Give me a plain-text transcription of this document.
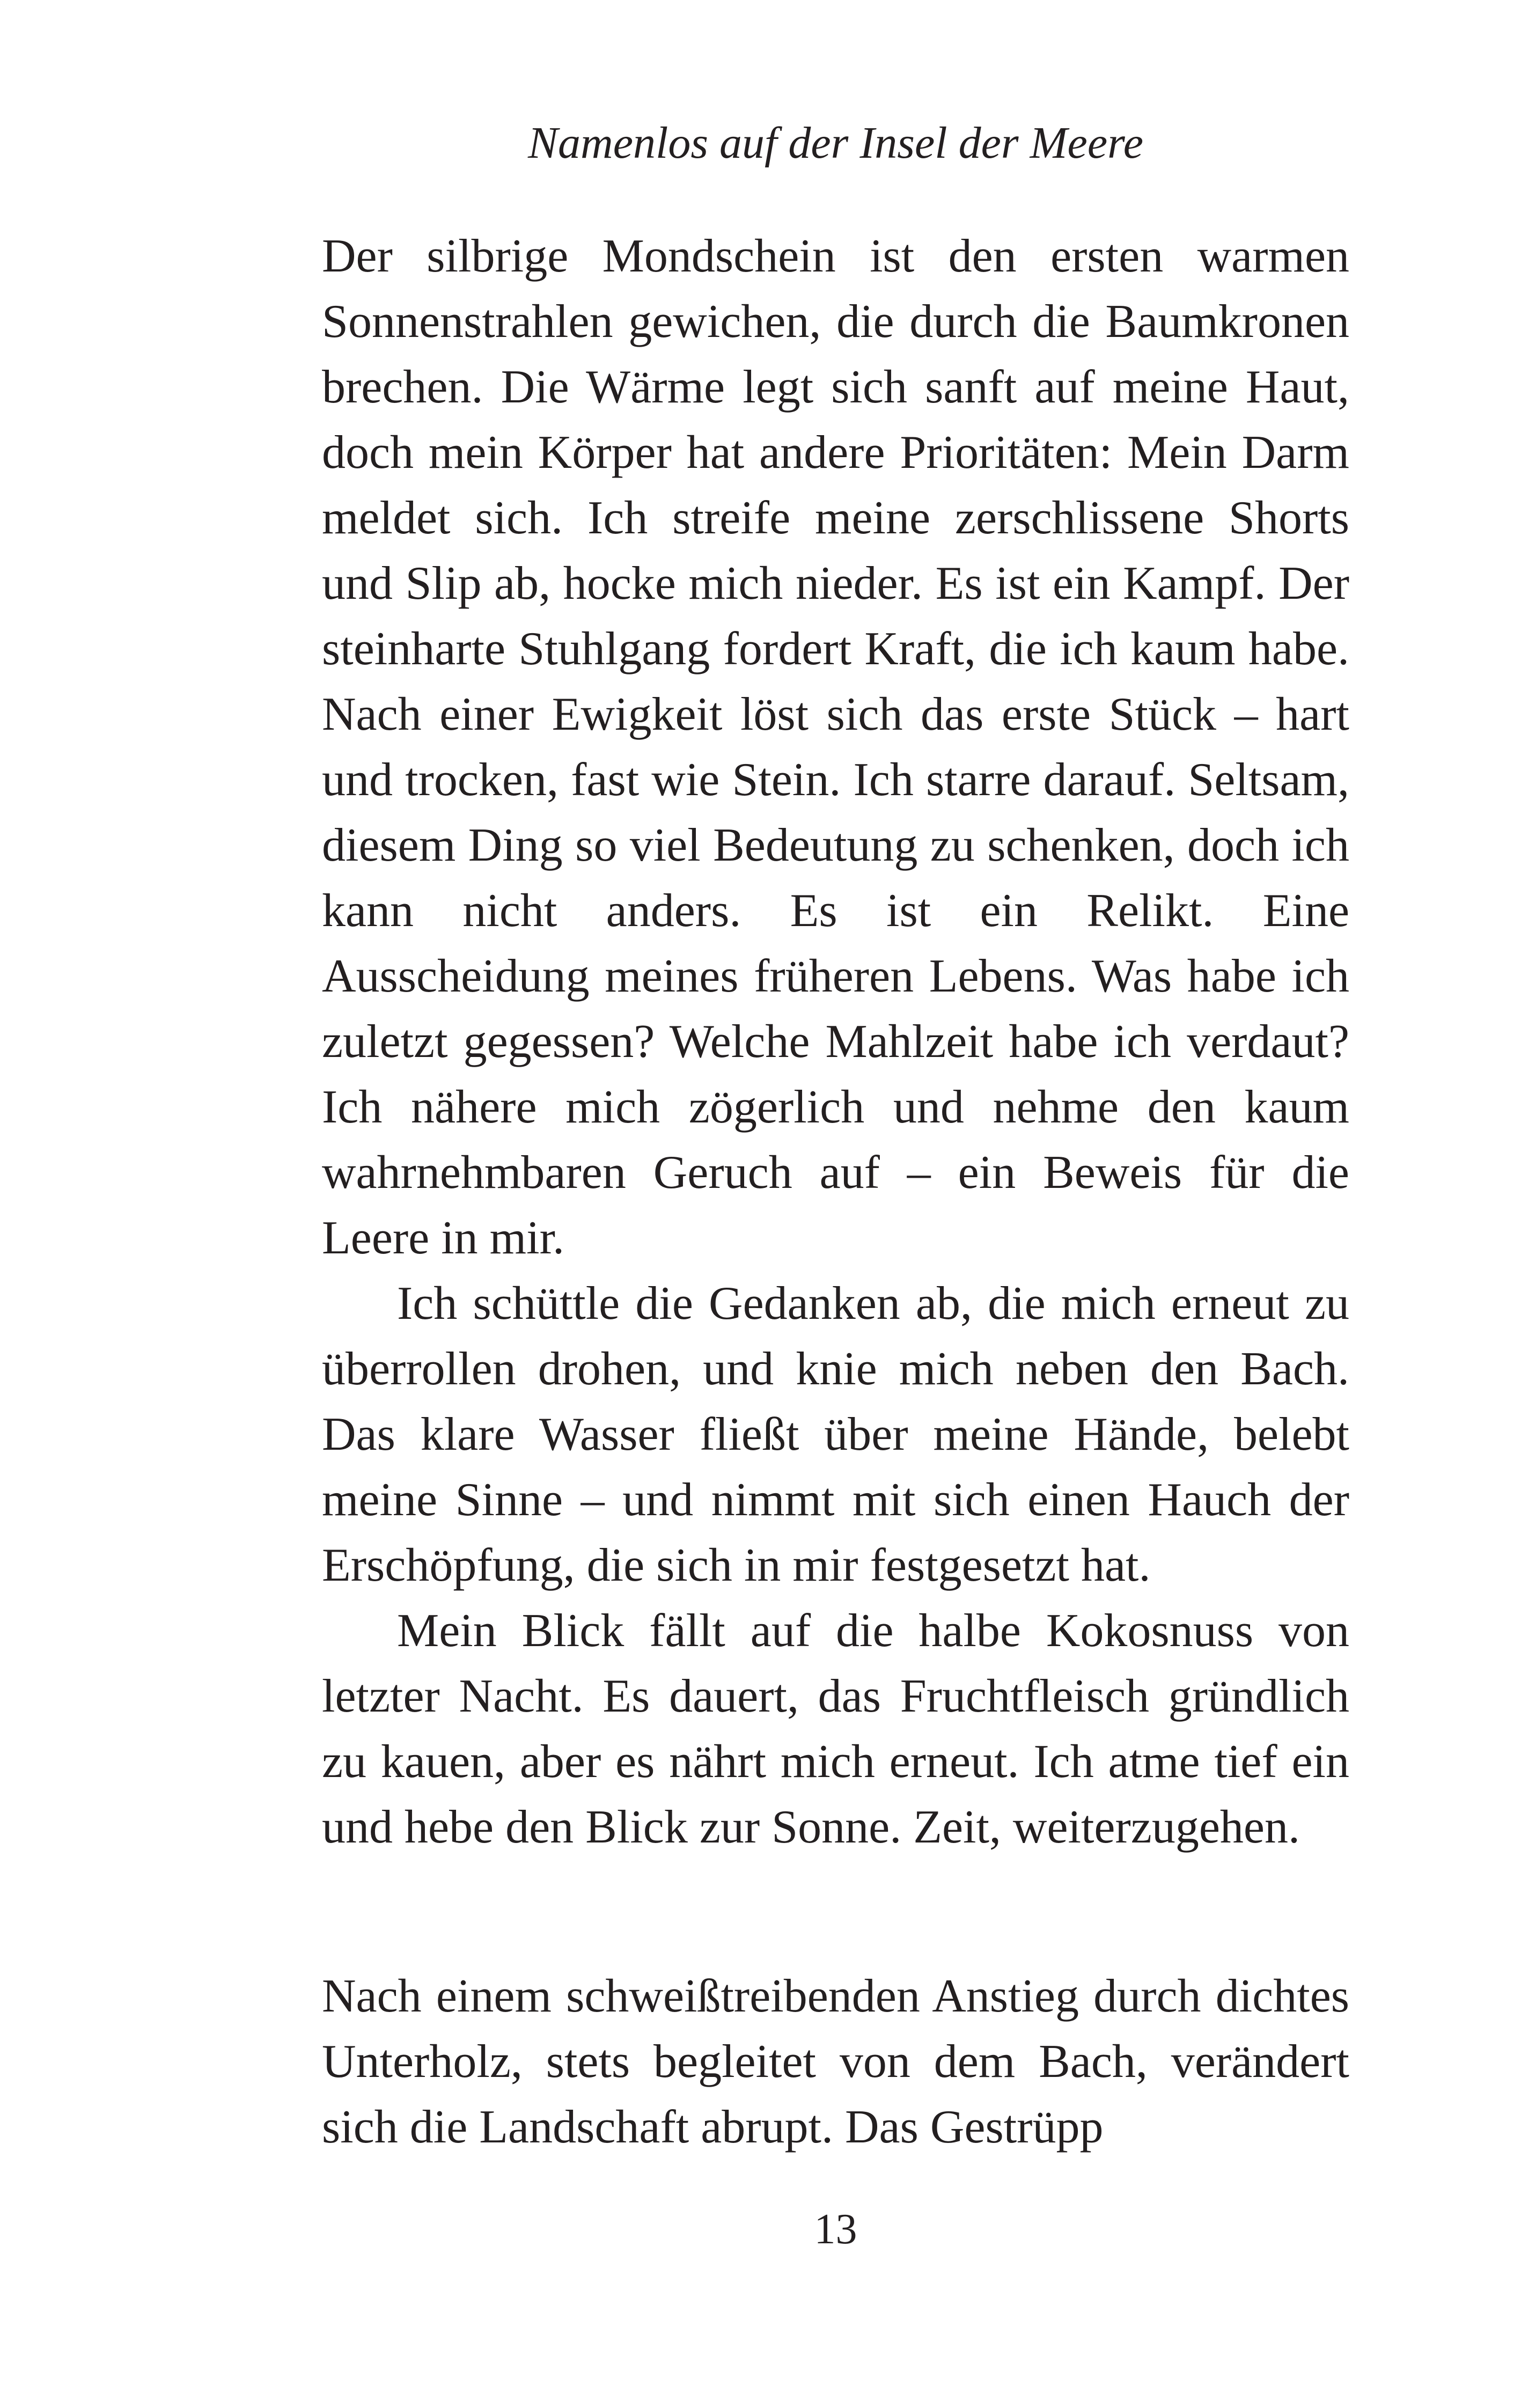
Namenlos auf der Insel der Meere

Der silbrige Mondschein ist den ersten warmen Sonnenstrahlen gewichen, die durch die Baumkronen brechen. Die Wärme legt sich sanft auf meine Haut, doch mein Körper hat andere Prioritäten: Mein Darm meldet sich. Ich streife meine zerschlissene Shorts und Slip ab, hocke mich nieder. Es ist ein Kampf. Der steinharte Stuhlgang fordert Kraft, die ich kaum habe. Nach einer Ewigkeit löst sich das erste Stück – hart und trocken, fast wie Stein. Ich starre darauf. Seltsam, diesem Ding so viel Bedeutung zu schenken, doch ich kann nicht anders. Es ist ein Relikt. Eine Ausscheidung meines früheren Lebens. Was habe ich zuletzt gegessen? Welche Mahlzeit habe ich verdaut? Ich nähere mich zögerlich und nehme den kaum wahrnehmbaren Geruch auf – ein Beweis für die Leere in mir.

Ich schüttle die Gedanken ab, die mich erneut zu überrollen drohen, und knie mich neben den Bach. Das klare Wasser fließt über meine Hände, belebt meine Sinne – und nimmt mit sich einen Hauch der Erschöpfung, die sich in mir festgesetzt hat.

Mein Blick fällt auf die halbe Kokosnuss von letzter Nacht. Es dauert, das Fruchtfleisch gründlich zu kauen, aber es nährt mich erneut. Ich atme tief ein und hebe den Blick zur Sonne. Zeit, weiterzugehen.

Nach einem schweißtreibenden Anstieg durch dichtes Unterholz, stets begleitet von dem Bach, verändert sich die Landschaft abrupt. Das Gestrüpp

13
